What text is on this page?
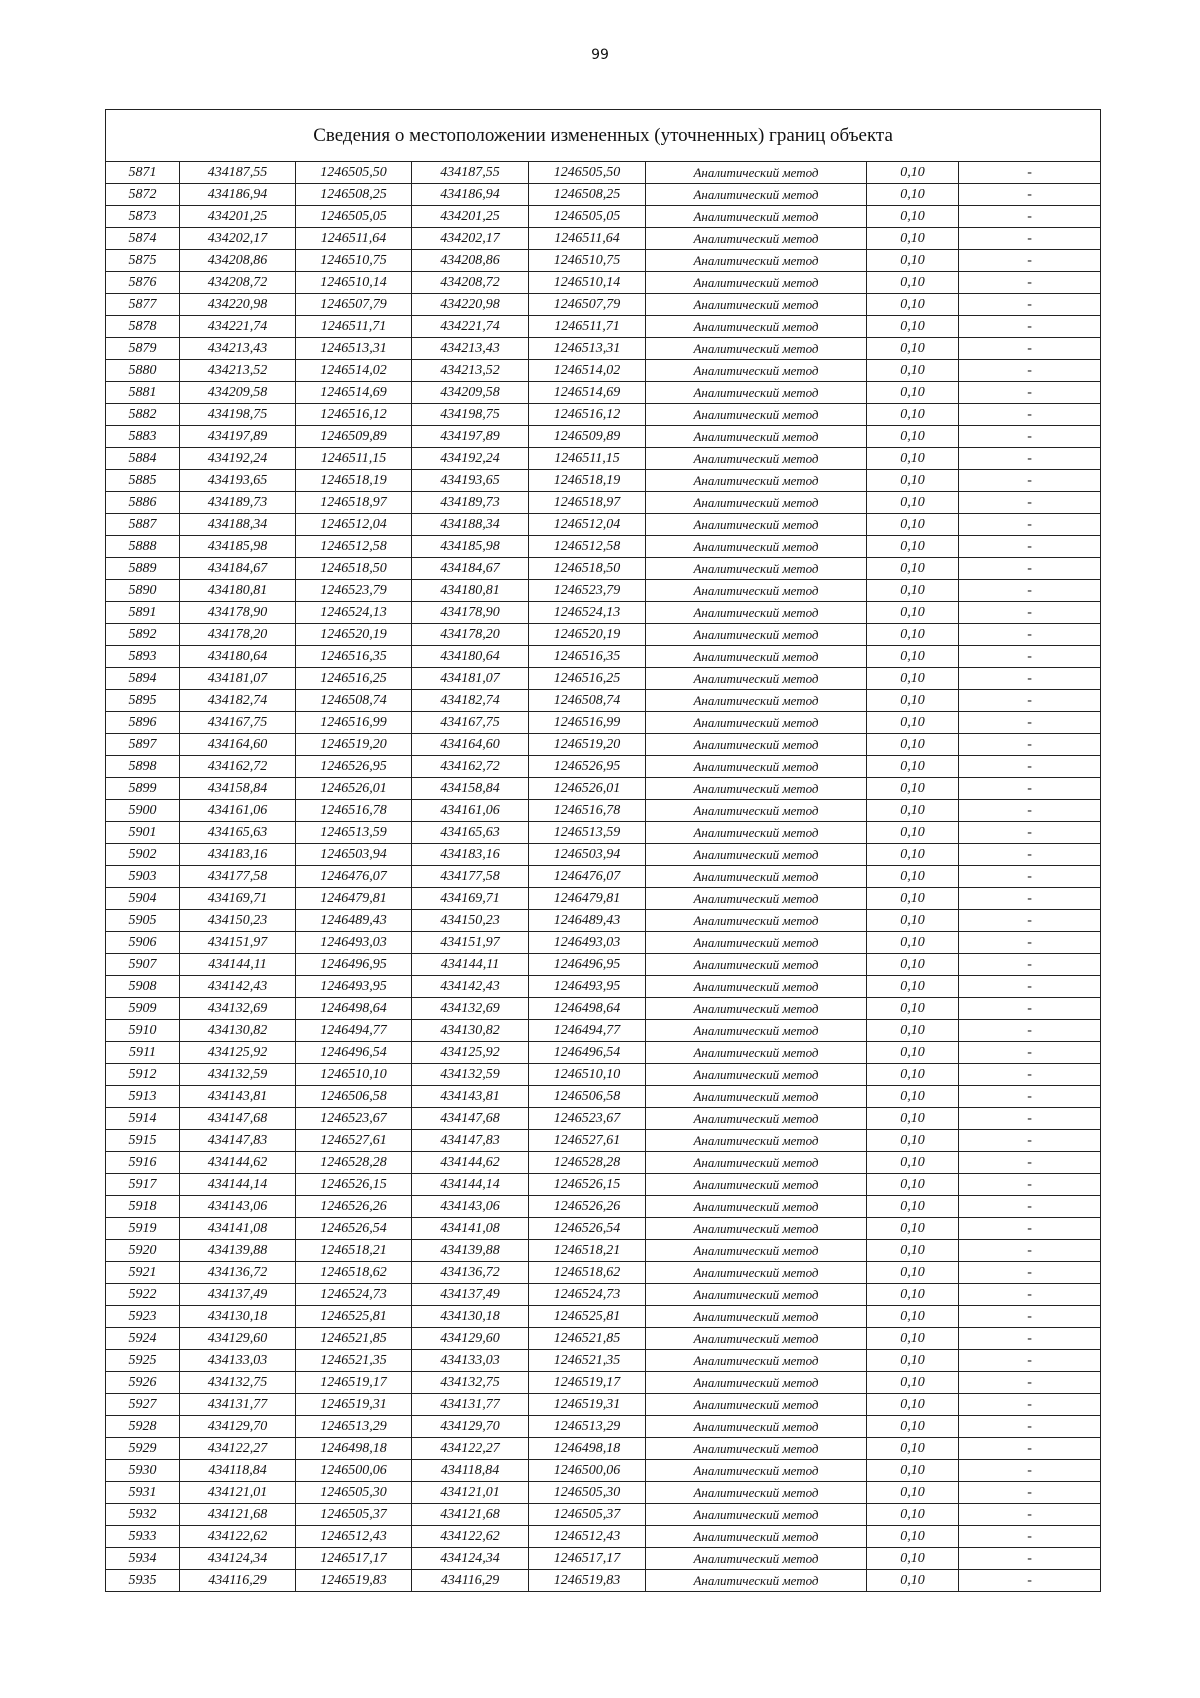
99
Сведения о местоположении измененных (уточненных) границ объекта							
5871	434187,55	1246505,50	434187,55	1246505,50	Аналитический метод	0,10	-
5872	434186,94	1246508,25	434186,94	1246508,25	Аналитический метод	0,10	-
5873	434201,25	1246505,05	434201,25	1246505,05	Аналитический метод	0,10	-
5874	434202,17	1246511,64	434202,17	1246511,64	Аналитический метод	0,10	-
5875	434208,86	1246510,75	434208,86	1246510,75	Аналитический метод	0,10	-
5876	434208,72	1246510,14	434208,72	1246510,14	Аналитический метод	0,10	-
5877	434220,98	1246507,79	434220,98	1246507,79	Аналитический метод	0,10	-
5878	434221,74	1246511,71	434221,74	1246511,71	Аналитический метод	0,10	-
5879	434213,43	1246513,31	434213,43	1246513,31	Аналитический метод	0,10	-
5880	434213,52	1246514,02	434213,52	1246514,02	Аналитический метод	0,10	-
5881	434209,58	1246514,69	434209,58	1246514,69	Аналитический метод	0,10	-
5882	434198,75	1246516,12	434198,75	1246516,12	Аналитический метод	0,10	-
5883	434197,89	1246509,89	434197,89	1246509,89	Аналитический метод	0,10	-
5884	434192,24	1246511,15	434192,24	1246511,15	Аналитический метод	0,10	-
5885	434193,65	1246518,19	434193,65	1246518,19	Аналитический метод	0,10	-
5886	434189,73	1246518,97	434189,73	1246518,97	Аналитический метод	0,10	-
5887	434188,34	1246512,04	434188,34	1246512,04	Аналитический метод	0,10	-
5888	434185,98	1246512,58	434185,98	1246512,58	Аналитический метод	0,10	-
5889	434184,67	1246518,50	434184,67	1246518,50	Аналитический метод	0,10	-
5890	434180,81	1246523,79	434180,81	1246523,79	Аналитический метод	0,10	-
5891	434178,90	1246524,13	434178,90	1246524,13	Аналитический метод	0,10	-
5892	434178,20	1246520,19	434178,20	1246520,19	Аналитический метод	0,10	-
5893	434180,64	1246516,35	434180,64	1246516,35	Аналитический метод	0,10	-
5894	434181,07	1246516,25	434181,07	1246516,25	Аналитический метод	0,10	-
5895	434182,74	1246508,74	434182,74	1246508,74	Аналитический метод	0,10	-
5896	434167,75	1246516,99	434167,75	1246516,99	Аналитический метод	0,10	-
5897	434164,60	1246519,20	434164,60	1246519,20	Аналитический метод	0,10	-
5898	434162,72	1246526,95	434162,72	1246526,95	Аналитический метод	0,10	-
5899	434158,84	1246526,01	434158,84	1246526,01	Аналитический метод	0,10	-
5900	434161,06	1246516,78	434161,06	1246516,78	Аналитический метод	0,10	-
5901	434165,63	1246513,59	434165,63	1246513,59	Аналитический метод	0,10	-
5902	434183,16	1246503,94	434183,16	1246503,94	Аналитический метод	0,10	-
5903	434177,58	1246476,07	434177,58	1246476,07	Аналитический метод	0,10	-
5904	434169,71	1246479,81	434169,71	1246479,81	Аналитический метод	0,10	-
5905	434150,23	1246489,43	434150,23	1246489,43	Аналитический метод	0,10	-
5906	434151,97	1246493,03	434151,97	1246493,03	Аналитический метод	0,10	-
5907	434144,11	1246496,95	434144,11	1246496,95	Аналитический метод	0,10	-
5908	434142,43	1246493,95	434142,43	1246493,95	Аналитический метод	0,10	-
5909	434132,69	1246498,64	434132,69	1246498,64	Аналитический метод	0,10	-
5910	434130,82	1246494,77	434130,82	1246494,77	Аналитический метод	0,10	-
5911	434125,92	1246496,54	434125,92	1246496,54	Аналитический метод	0,10	-
5912	434132,59	1246510,10	434132,59	1246510,10	Аналитический метод	0,10	-
5913	434143,81	1246506,58	434143,81	1246506,58	Аналитический метод	0,10	-
5914	434147,68	1246523,67	434147,68	1246523,67	Аналитический метод	0,10	-
5915	434147,83	1246527,61	434147,83	1246527,61	Аналитический метод	0,10	-
5916	434144,62	1246528,28	434144,62	1246528,28	Аналитический метод	0,10	-
5917	434144,14	1246526,15	434144,14	1246526,15	Аналитический метод	0,10	-
5918	434143,06	1246526,26	434143,06	1246526,26	Аналитический метод	0,10	-
5919	434141,08	1246526,54	434141,08	1246526,54	Аналитический метод	0,10	-
5920	434139,88	1246518,21	434139,88	1246518,21	Аналитический метод	0,10	-
5921	434136,72	1246518,62	434136,72	1246518,62	Аналитический метод	0,10	-
5922	434137,49	1246524,73	434137,49	1246524,73	Аналитический метод	0,10	-
5923	434130,18	1246525,81	434130,18	1246525,81	Аналитический метод	0,10	-
5924	434129,60	1246521,85	434129,60	1246521,85	Аналитический метод	0,10	-
5925	434133,03	1246521,35	434133,03	1246521,35	Аналитический метод	0,10	-
5926	434132,75	1246519,17	434132,75	1246519,17	Аналитический метод	0,10	-
5927	434131,77	1246519,31	434131,77	1246519,31	Аналитический метод	0,10	-
5928	434129,70	1246513,29	434129,70	1246513,29	Аналитический метод	0,10	-
5929	434122,27	1246498,18	434122,27	1246498,18	Аналитический метод	0,10	-
5930	434118,84	1246500,06	434118,84	1246500,06	Аналитический метод	0,10	-
5931	434121,01	1246505,30	434121,01	1246505,30	Аналитический метод	0,10	-
5932	434121,68	1246505,37	434121,68	1246505,37	Аналитический метод	0,10	-
5933	434122,62	1246512,43	434122,62	1246512,43	Аналитический метод	0,10	-
5934	434124,34	1246517,17	434124,34	1246517,17	Аналитический метод	0,10	-
5935	434116,29	1246519,83	434116,29	1246519,83	Аналитический метод	0,10	-
